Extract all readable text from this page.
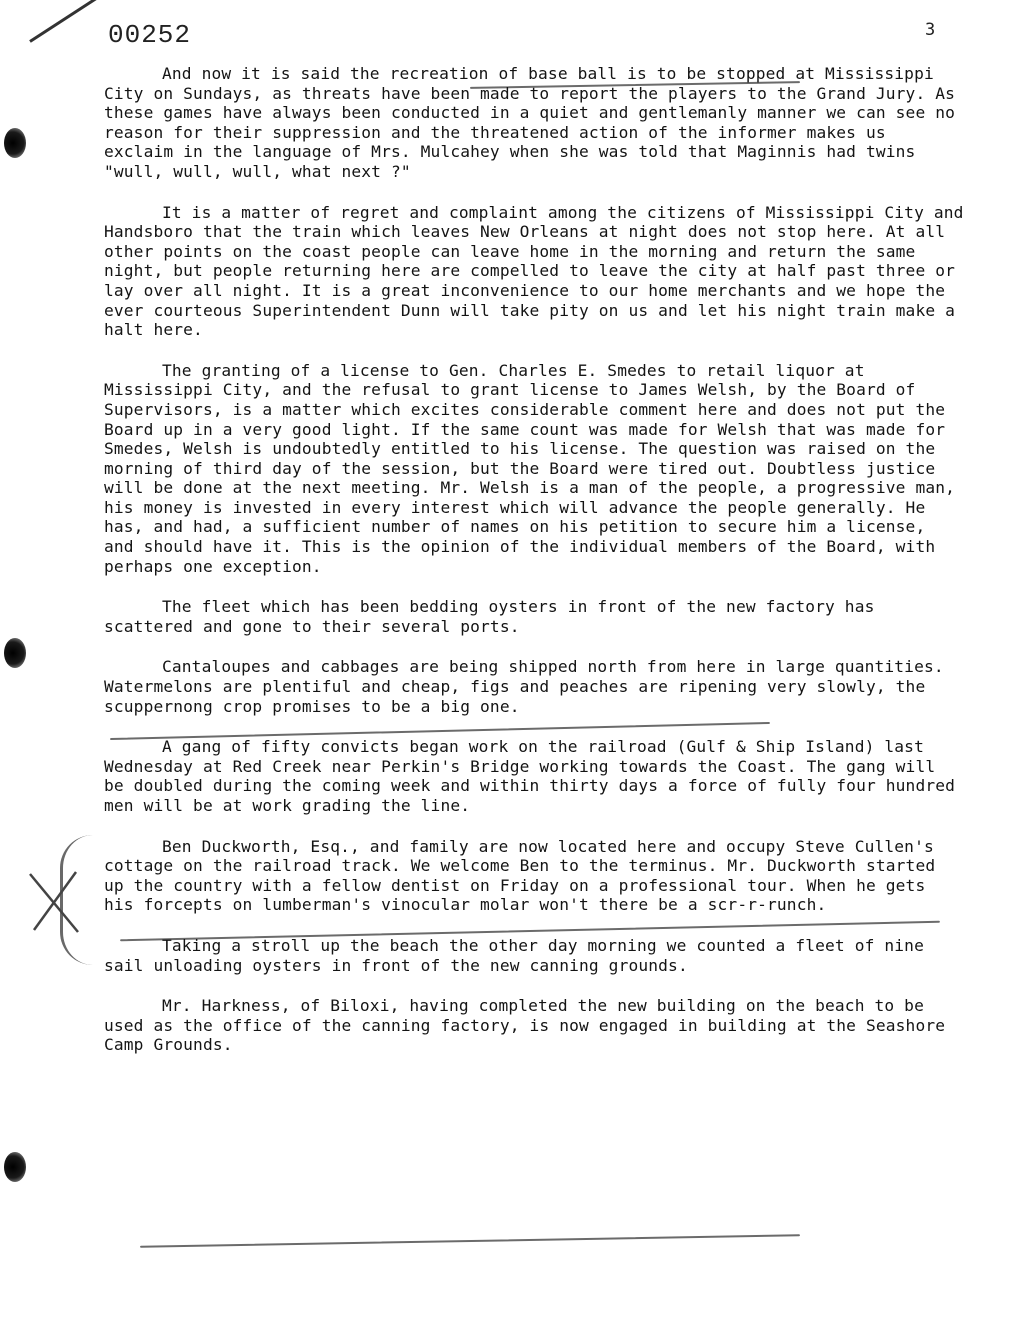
00252	3

And now it is said the recreation of base ball is to be stopped at Mississippi City on Sundays, as threats have been made to report the players to the Grand Jury. As these games have always been conducted in a quiet and gentlemanly manner we can see no reason for their suppression and the threatened action of the informer makes us exclaim in the language of Mrs. Mulcahey when she was told that Maginnis had twins "wull, wull, wull, what next ?"

It is a matter of regret and complaint among the citizens of Mississippi City and Handsboro that the train which leaves New Orleans at night does not stop here. At all other points on the coast people can leave home in the morning and return the same night, but people returning here are compelled to leave the city at half past three or lay over all night. It is a great inconvenience to our home merchants and we hope the ever courteous Superintendent Dunn will take pity on us and let his night train make a halt here.

The granting of a license to Gen. Charles E. Smedes to retail liquor at Mississippi City, and the refusal to grant license to James Welsh, by the Board of Supervisors, is a matter which excites considerable comment here and does not put the Board up in a very good light. If the same count was made for Welsh that was made for Smedes, Welsh is undoubtedly entitled to his license. The question was raised on the morning of third day of the session, but the Board were tired out. Doubtless justice will be done at the next meeting. Mr. Welsh is a man of the people, a progressive man, his money is invested in every interest which will advance the people generally. He has, and had, a sufficient number of names on his petition to secure him a license, and should have it. This is the opinion of the individual members of the Board, with perhaps one exception.

The fleet which has been bedding oysters in front of the new factory has scattered and gone to their several ports.

Cantaloupes and cabbages are being shipped north from here in large quantities. Watermelons are plentiful and cheap, figs and peaches are ripening very slowly, the scuppernong crop promises to be a big one.

A gang of fifty convicts began work on the railroad (Gulf & Ship Island) last Wednesday at Red Creek near Perkin's Bridge working towards the Coast. The gang will be doubled during the coming week and within thirty days a force of fully four hundred men will be at work grading the line.

Ben Duckworth, Esq., and family are now located here and occupy Steve Cullen's cottage on the railroad track. We welcome Ben to the terminus. Mr. Duckworth started up the country with a fellow dentist on Friday on a professional tour. When he gets his forcepts on lumberman's vinocular molar won't there be a scr-r-runch.

Taking a stroll up the beach the other day morning we counted a fleet of nine sail unloading oysters in front of the new canning grounds.

Mr. Harkness, of Biloxi, having completed the new building on the beach to be used as the office of the canning factory, is now engaged in building at the Seashore Camp Grounds.
